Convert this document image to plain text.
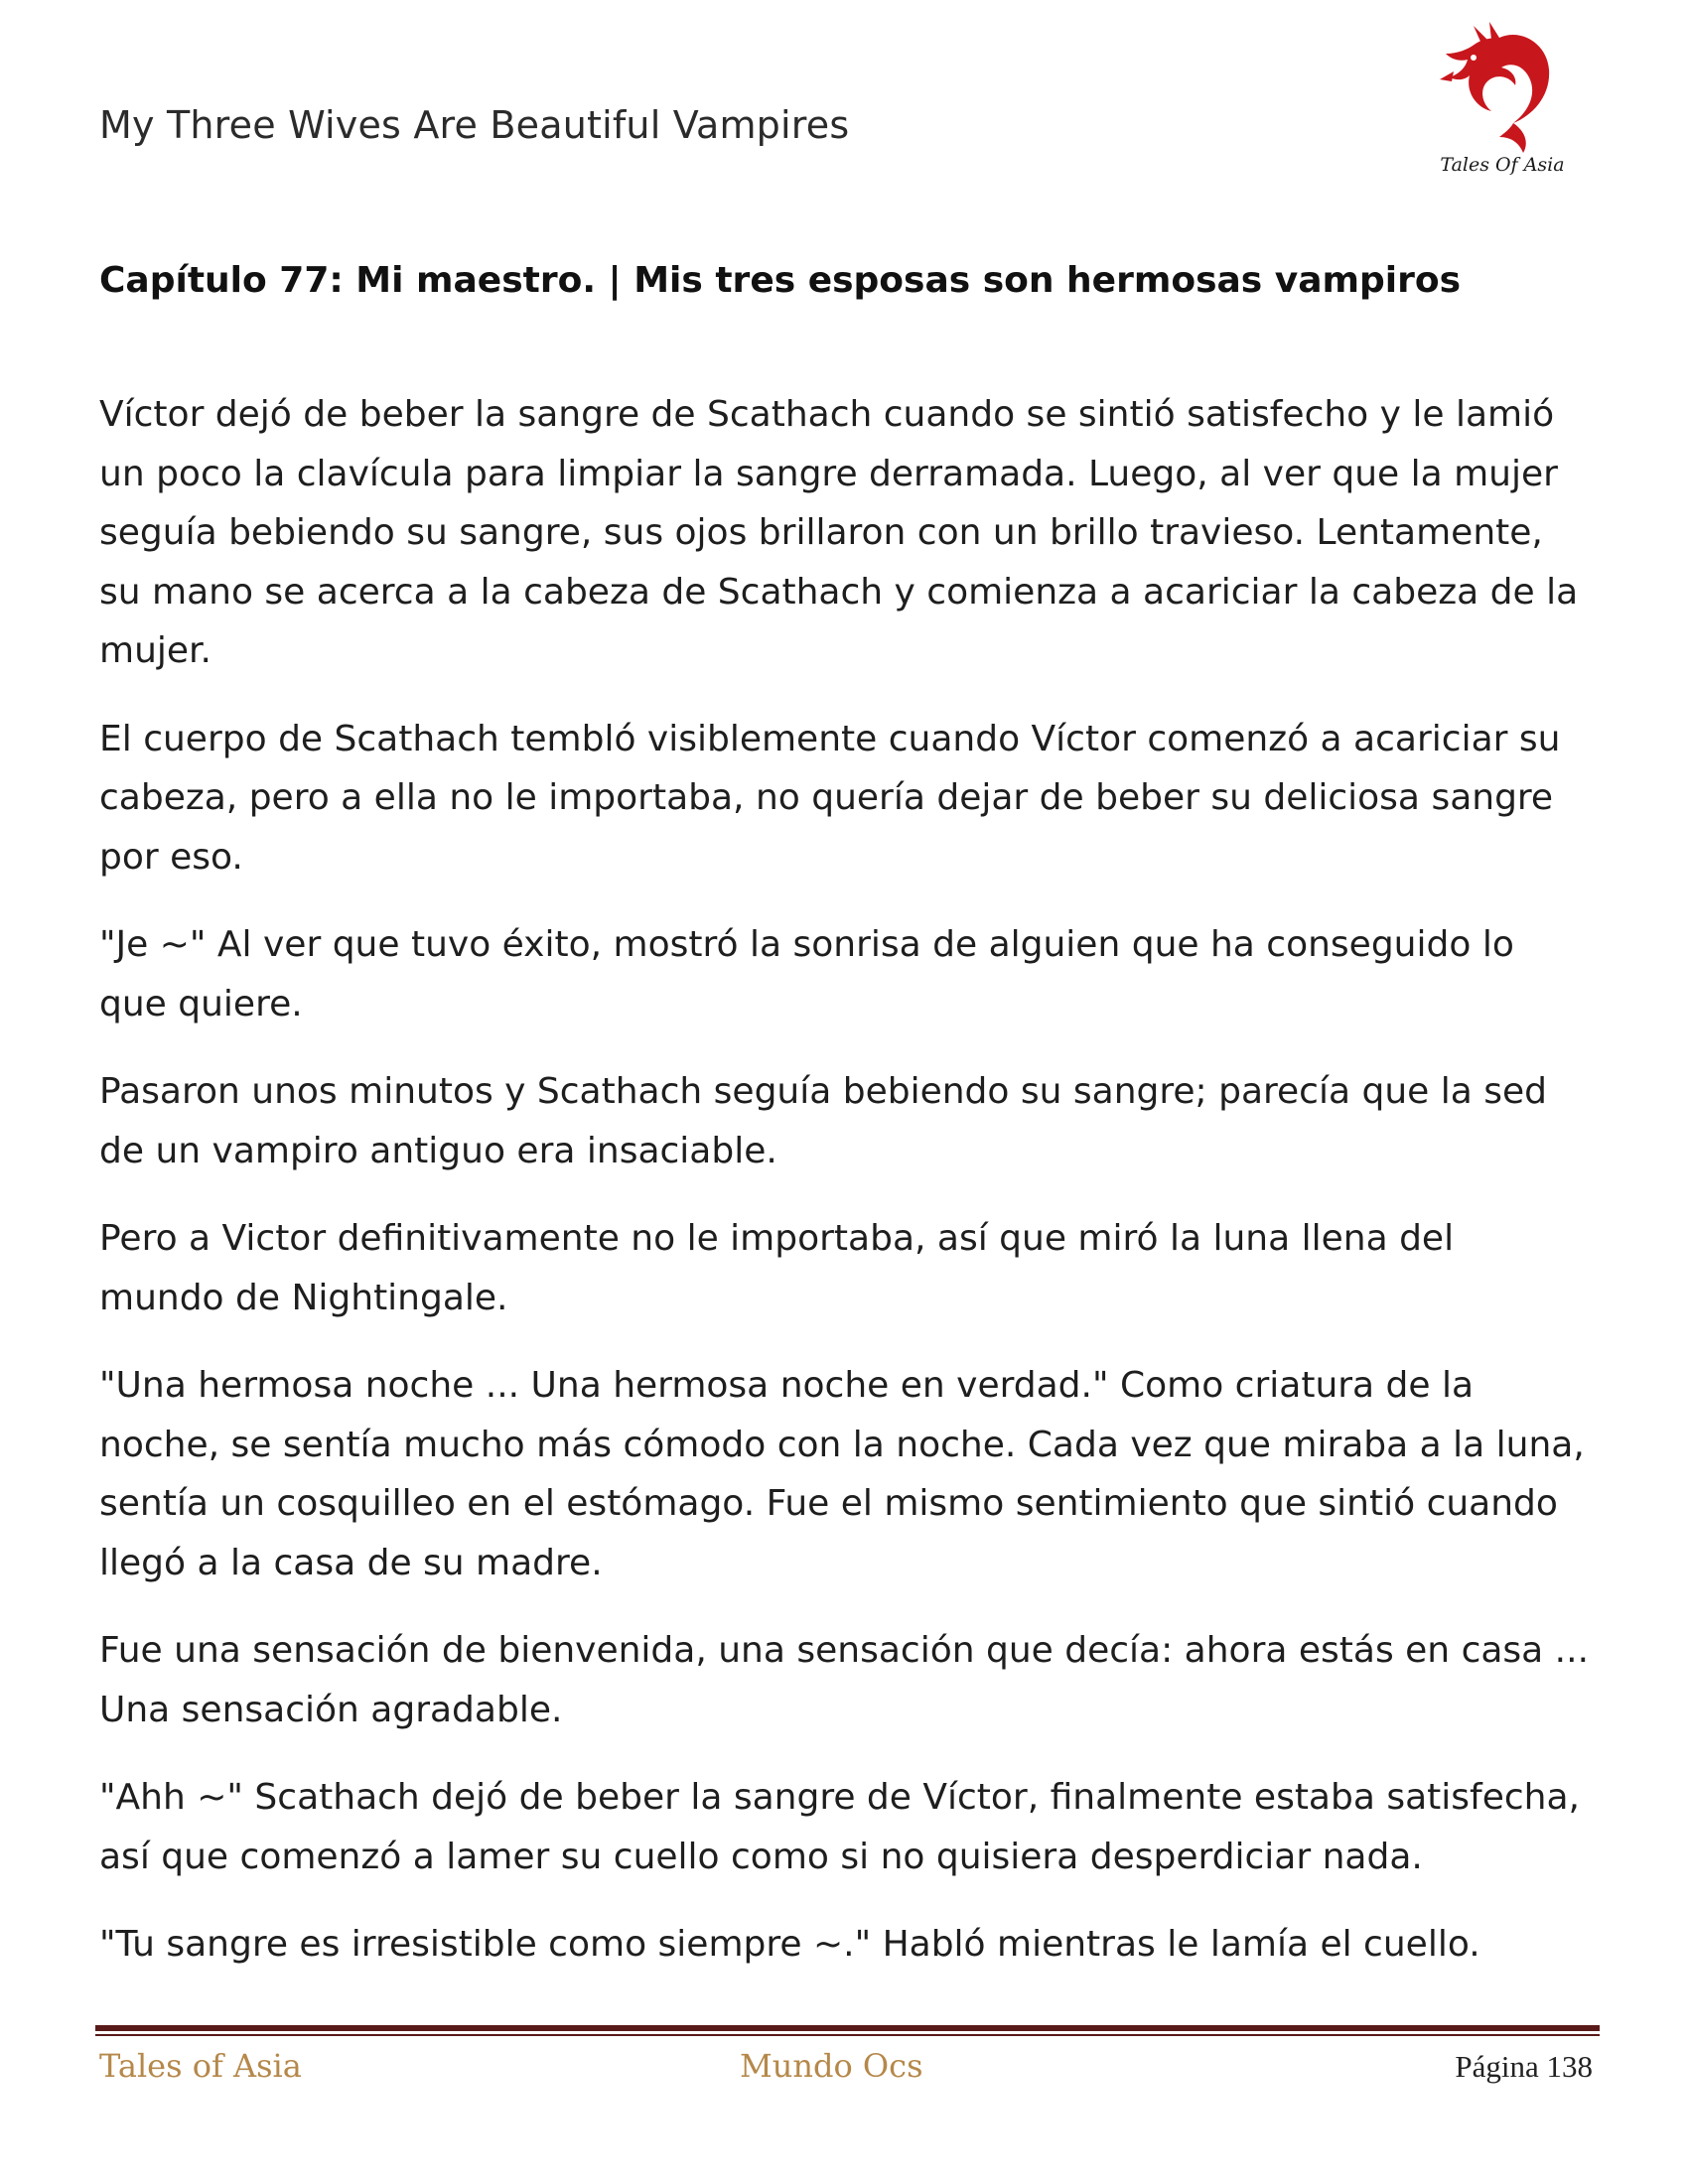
My Three Wives Are Beautiful Vampires
Tales Of Asia
Capítulo 77: Mi maestro. | Mis tres esposas son hermosas vampiros

Víctor dejó de beber la sangre de Scathach cuando se sintió satisfecho y le lamió un poco la clavícula para limpiar la sangre derramada. Luego, al ver que la mujer seguía bebiendo su sangre, sus ojos brillaron con un brillo travieso. Lentamente, su mano se acerca a la cabeza de Scathach y comienza a acariciar la cabeza de la mujer.

El cuerpo de Scathach tembló visiblemente cuando Víctor comenzó a acariciar su cabeza, pero a ella no le importaba, no quería dejar de beber su deliciosa sangre por eso.

"Je ~" Al ver que tuvo éxito, mostró la sonrisa de alguien que ha conseguido lo que quiere.

Pasaron unos minutos y Scathach seguía bebiendo su sangre; parecía que la sed de un vampiro antiguo era insaciable.

Pero a Victor definitivamente no le importaba, así que miró la luna llena del mundo de Nightingale.

"Una hermosa noche ... Una hermosa noche en verdad." Como criatura de la noche, se sentía mucho más cómodo con la noche. Cada vez que miraba a la luna, sentía un cosquilleo en el estómago. Fue el mismo sentimiento que sintió cuando llegó a la casa de su madre.

Fue una sensación de bienvenida, una sensación que decía: ahora estás en casa ... Una sensación agradable.

"Ahh ~" Scathach dejó de beber la sangre de Víctor, finalmente estaba satisfecha, así que comenzó a lamer su cuello como si no quisiera desperdiciar nada.

"Tu sangre es irresistible como siempre ~." Habló mientras le lamía el cuello.

Tales of Asia	Mundo Ocs	Página 138
